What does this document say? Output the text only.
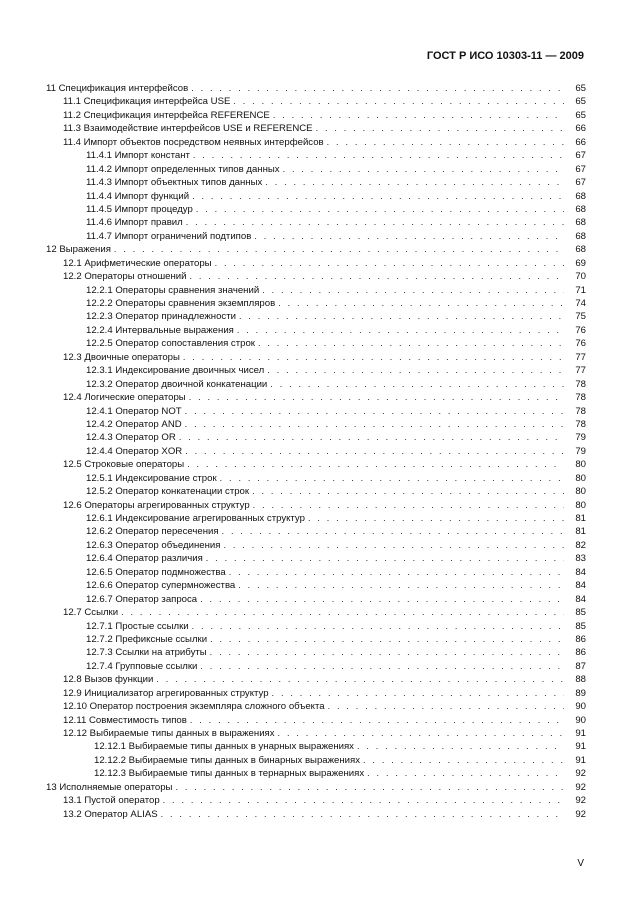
ГОСТ Р ИСО 10303-11 — 2009
11 Спецификация интерфейсов . . .	65
11.1 Спецификация интерфейса USE . . .	65
11.2 Спецификация интерфейса REFERENCE . . .	65
11.3 Взаимодействие интерфейсов USE и REFERENCE . . .	66
11.4 Импорт объектов посредством неявных интерфейсов . . .	66
11.4.1 Импорт констант . . .	67
11.4.2 Импорт определенных типов данных . . .	67
11.4.3 Импорт объектных типов данных . . .	67
11.4.4 Импорт функций . . .	68
11.4.5 Импорт процедур . . .	68
11.4.6 Импорт правил . . .	68
11.4.7 Импорт ограничений подтипов . . .	68
12 Выражения . . .	68
12.1 Арифметические операторы . . .	69
12.2 Операторы отношений . . .	70
12.2.1 Операторы сравнения значений . . .	71
12.2.2 Операторы сравнения экземпляров . . .	74
12.2.3 Оператор принадлежности . . .	75
12.2.4 Интервальные выражения . . .	76
12.2.5 Оператор сопоставления строк . . .	76
12.3 Двоичные операторы . . .	77
12.3.1 Индексирование двоичных чисел . . .	77
12.3.2 Оператор двоичной конкатенации . . .	78
12.4 Логические операторы . . .	78
12.4.1 Оператор NOT . . .	78
12.4.2 Оператор AND . . .	78
12.4.3 Оператор OR . . .	79
12.4.4 Оператор XOR . . .	79
12.5 Строковые операторы . . .	80
12.5.1 Индексирование строк . . .	80
12.5.2 Оператор конкатенации строк . . .	80
12.6 Операторы агрегированных структур . . .	80
12.6.1 Индексирование агрегированных структур . . .	81
12.6.2 Оператор пересечения . . .	81
12.6.3 Оператор объединения . . .	82
12.6.4 Оператор различия . . .	83
12.6.5 Оператор подмножества . . .	84
12.6.6 Оператор супермножества . . .	84
12.6.7 Оператор запроса . . .	84
12.7 Ссылки . . .	85
12.7.1 Простые ссылки . . .	85
12.7.2 Префиксные ссылки . . .	86
12.7.3 Ссылки на атрибуты . . .	86
12.7.4 Групповые ссылки . . .	87
12.8 Вызов функции . . .	88
12.9 Инициализатор агрегированных структур . . .	89
12.10 Оператор построения экземпляра сложного объекта . . .	90
12.11 Совместимость типов . . .	90
12.12 Выбираемые типы данных в выражениях . . .	91
12.12.1 Выбираемые типы данных в унарных выражениях . . .	91
12.12.2 Выбираемые типы данных в бинарных выражениях . . .	91
12.12.3 Выбираемые типы данных в тернарных выражениях . . .	92
13 Исполняемые операторы . . .	92
13.1 Пустой оператор . . .	92
13.2 Оператор ALIAS . . .	92
V
